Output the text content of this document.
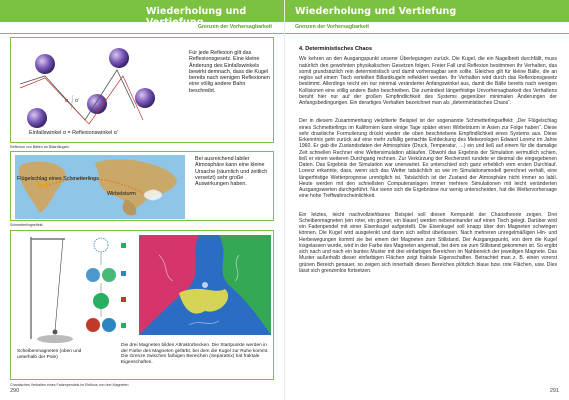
Wiederholung und Vertiefung
Grenzen der Vorhersagbarkeit
α α'
Für jede Reflexion gilt das Reflexionsgesetz. Eine kleine Änderung des Einfallswinkels bewirkt demnach, dass die Kugel bereits nach wenigen Reflexionen eine völlig andere Bahn beschreibt.
Einfallswinkel α = Reflexionswinkel α'
Reflexion von Bällen an Billardkugeln
Flügelschlag eines Schmetterlings
Wirbelsturm
Bei ausreichend labiler Atmosphäre kann eine kleine Ursache (räumlich und zeitlich versetzt) sehr große Auswirkungen haben.
Schmetterlingseffekt
Scheibenmagneten (oben und unterhalb der Pole)
Die drei Magneten bilden Attraktorbecken. Die Startpunkte werden in der Farbe des Magneten gefärbt, bei dem die Kugel zur Ruhe kommt. Die Grenze zwischen farbigen Bereichen (Separatrix) hat fraktale Eigenschaften.
Chaotisches Verhalten eines Fadenpendels im Einfluss von drei Magneten
290
Wiederholung und Vertiefung
Grenzen der Vorhersagbarkeit
4. Deterministisches Chaos

Wir kehren an den Ausgangspunkt unserer Überlegungen zurück. Die Kugel, die ein Nagelbrett durchfällt, muss natürlich den gewohnten physikalischen Gesetzen folgen. Freier Fall und Reflexion bestimmen ihr Verhalten, das somit grundsätzlich rein deterministisch und damit vorhersagbar sein sollte. Gleiches gilt für kleine Bälle, die an reglos auf einem Tisch verteilten Billardkugeln reflektiert werden. Ihr Verhalten wird durch das Reflexionsgesetz bestimmt. Allerdings reicht ein nur minimal veränderter Anfangswinkel aus, damit die Bälle bereits nach wenigen Kollisionen eine völlig andere Bahn beschreiben. Die zumindest längerfristige Unvorhersagbarkeit des Verhaltens beruht hier nur auf der großen Empfindlichkeit des Systems gegenüber minimalen Änderungen der Anfangsbedingungen. Ein derartiges Verhalten bezeichnet man als „deterministisches Chaos“.

Der in diesem Zusammenhang vielzitierte Beispiel ist der sogenannte Schmetterlingseffekt: „Der Flügelschlag eines Schmetterlings im Kalifornien kann einige Tage später einen Wirbelsturm in Asien zur Folge haben“. Diese sehr drastische Formulierung drückt wieder die oben beschriebene Empfindlichkeit eines Systems aus. Diese Erkenntnis geht zurück auf eine mehr zufällig gemachte Entdeckung des Meteorologen Edward Lorenz im Jahre 1960. Er gab die Zustandsdaten der Atmosphäre (Druck, Temperatur, …) ein und ließ auf einem für die damalige Zeit schnellen Rechner eine Wettersimulation ablaufen. Obwohl das Ergebnis der Simulation vermutlich schien, ließ er einen weiteren Durchgang rechnen. Zur Verkürzung der Rechenzeit rundete er diesmal die eingegebenen Daten. Das Ergebnis der Simulation war unerwartet. Es unterschied sich ganz erheblich vom ersten Durchlauf. Lorenz erkannte, dass, wenn sich das Wetter tatsächlich so wie im Simulationsmodell gerechnet verhält, eine längerfristige Wetterprognose unmöglich ist. Tatsächlich ist der Zustand der Atmosphäre nicht immer so labil. Heute werden mit den schnellsten Computeranlagen immer mehrere Simulationen mit leicht veränderten Ausgangswerten durchgeführt. Nur wenn sich die Ergebnisse nur wenig unterscheiden, hat die Wettervorhersage eine hohe Treffwahrscheinlichkeit.

Ein letztes, leicht nachvollziehbares Beispiel soll diesen Kernpunkt der Chaostheorie zeigen. Drei Scheibenmagneten (ein roter, ein grüner, ein blauer) werden nebeneinander auf einen Tisch gelegt. Darüber wird ein Fadenpendel mit einer Eisenkugel aufgestellt. Die Eisenkugel soll knapp über den Magneten schwingen können. Die Kugel wird ausgelenkt und dann sich selbst überlassen. Nach mehreren unregelmäßigen Hin- und Herbewegungen kommt sie bei einem der Magneten zum Stillstand. Der Ausgangspunkt, von dem die Kugel losgelassen wurde, wird in der Farbe des Magneten angemalt, bei dem sie zum Stillstand gekommen ist. So ergibt sich nach und nach ein buntes Muster mit drei einfarbigen Bereichen im Nahbereich der jeweiligen Magnete. Das Muster außerhalb dieser einfarbigen Flächen zeigt fraktale Eigenschaften. Betrachtet man z. B. einen vorerst grünen Bereich genauer, so zeigen sich innerhalb dieses Bereiches plötzlich blaue bzw. rote Flächen, usw. Dies lässt sich grenzenlos fortsetzen.

291
